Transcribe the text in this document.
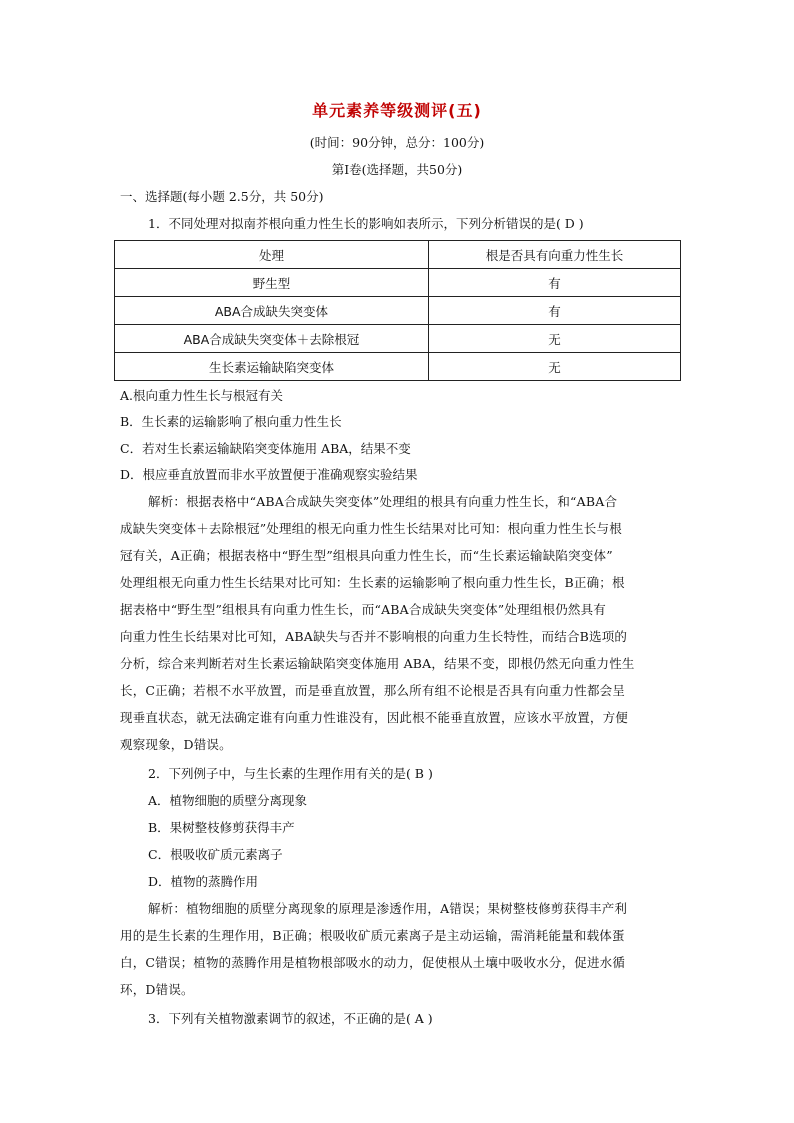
单元素养等级测评(五)
(时间：90分钟，总分：100分)
第Ⅰ卷(选择题，共50分)
一、选择题(每小题 2.5分，共 50分)
1．不同处理对拟南芥根向重力性生长的影响如表所示，下列分析错误的是( D )
处理	根是否具有向重力性生长
野生型	有
ABA合成缺失突变体	有
ABA合成缺失突变体＋去除根冠	无
生长素运输缺陷突变体	无
A.根向重力性生长与根冠有关
B．生长素的运输影响了根向重力性生长
C．若对生长素运输缺陷突变体施用 ABA，结果不变
D．根应垂直放置而非水平放置便于准确观察实验结果
解析：根据表格中“ABA合成缺失突变体”处理组的根具有向重力性生长，和“ABA合
成缺失突变体＋去除根冠”处理组的根无向重力性生长结果对比可知：根向重力性生长与根
冠有关，A正确；根据表格中“野生型”组根具向重力性生长，而“生长素运输缺陷突变体”
处理组根无向重力性生长结果对比可知：生长素的运输影响了根向重力性生长，B正确；根
据表格中“野生型”组根具有向重力性生长，而“ABA合成缺失突变体”处理组根仍然具有
向重力性生长结果对比可知，ABA缺失与否并不影响根的向重力生长特性，而结合B选项的
分析，综合来判断若对生长素运输缺陷突变体施用 ABA，结果不变，即根仍然无向重力性生
长，C正确；若根不水平放置，而是垂直放置，那么所有组不论根是否具有向重力性都会呈
现垂直状态，就无法确定谁有向重力性谁没有，因此根不能垂直放置，应该水平放置，方便
观察现象，D错误。
2．下列例子中，与生长素的生理作用有关的是( B )
A．植物细胞的质壁分离现象
B．果树整枝修剪获得丰产
C．根吸收矿质元素离子
D．植物的蒸腾作用
解析：植物细胞的质壁分离现象的原理是渗透作用，A错误；果树整枝修剪获得丰产利
用的是生长素的生理作用，B正确；根吸收矿质元素离子是主动运输，需消耗能量和载体蛋
白，C错误；植物的蒸腾作用是植物根部吸水的动力，促使根从土壤中吸收水分，促进水循
环，D错误。
3．下列有关植物激素调节的叙述，不正确的是( A )
